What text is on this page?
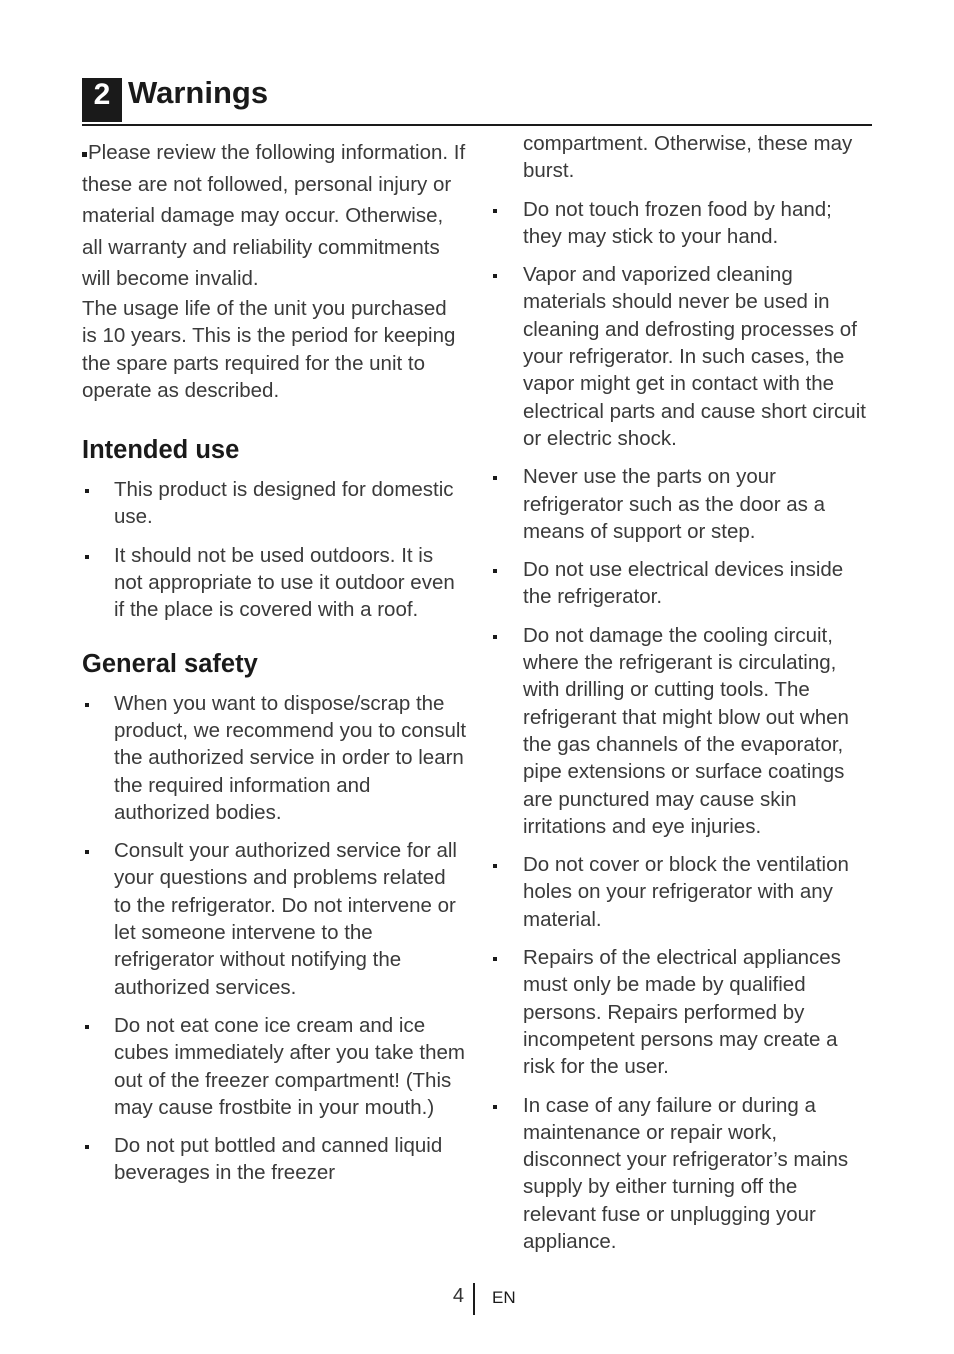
2 Warnings

Please review the following information. If these are not followed, personal injury or material damage may occur. Otherwise, all warranty and reliability commitments will become invalid.

The usage life of the unit you purchased is 10 years. This is the period for keeping the spare parts required for the unit to operate as described.

Intended use
This product is designed for domestic use.
It should not be used outdoors. It is not appropriate to use it outdoor even if the place is covered with a roof.
General safety
When you want to dispose/scrap the product, we recommend you to consult the authorized service in order to learn the required information and authorized bodies.
Consult your authorized service for all your questions and problems related to the refrigerator. Do not intervene or let someone intervene to the refrigerator without notifying the authorized services.
Do not eat cone ice cream and ice cubes immediately after you take them out of the freezer compartment! (This may cause frostbite in your mouth.)
Do not put bottled and canned liquid beverages in the freezer

compartment. Otherwise, these may burst.

Do not touch frozen food by hand; they may stick to your hand.
Vapor and vaporized cleaning materials should never be used in cleaning and defrosting processes of your refrigerator. In such cases, the vapor might get in contact with the electrical parts and cause short circuit or electric shock.
Never use the parts on your refrigerator such as the door as a means of support or step.
Do not use electrical devices inside the refrigerator.
Do not damage the cooling circuit, where the refrigerant is circulating, with drilling or cutting tools. The refrigerant that might blow out when the gas channels of the evaporator, pipe extensions or surface coatings are punctured may cause skin irritations and eye injuries.
Do not cover or block the ventilation holes on your refrigerator with any material.
Repairs of the electrical appliances must only be made by qualified persons. Repairs performed by incompetent persons may create a risk for the user.
In case of any failure or during a maintenance or repair work, disconnect your refrigerator’s mains supply by either turning off the relevant fuse or unplugging your appliance.
4 EN
